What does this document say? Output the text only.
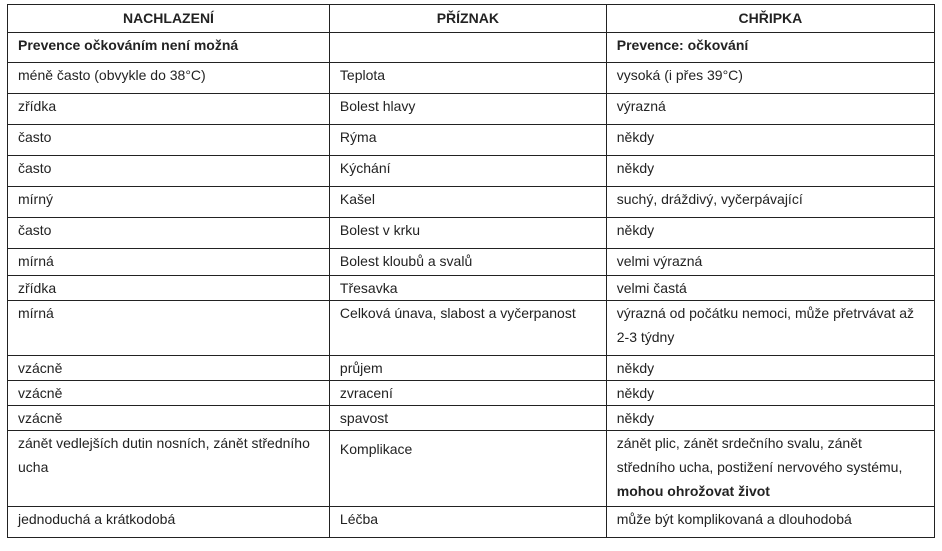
NACHLAZENÍ	PŘÍZNAK	CHŘIPKA
Prevence očkováním není možná		Prevence: očkování
méně často (obvykle do 38°C)	Teplota	vysoká (i přes 39°C)
zřídka	Bolest hlavy	výrazná
často	Rýma	někdy
často	Kýchání	někdy
mírný	Kašel	suchý, dráždivý, vyčerpávající
často	Bolest v krku	někdy
mírná	Bolest kloubů a svalů	velmi výrazná
zřídka	Třesavka	velmi častá
mírná	Celková únava, slabost a vyčerpanost	výrazná od počátku nemoci, může přetrvávat až 2-3 týdny
vzácně	průjem	někdy
vzácně	zvracení	někdy
vzácně	spavost	někdy
zánět vedlejších dutin nosních, zánět středního ucha	Komplikace	zánět plic, zánět srdečního svalu, zánět středního ucha, postižení nervového systému, mohou ohrožovat život
jednoduchá a krátkodobá	Léčba	může být komplikovaná a dlouhodobá
